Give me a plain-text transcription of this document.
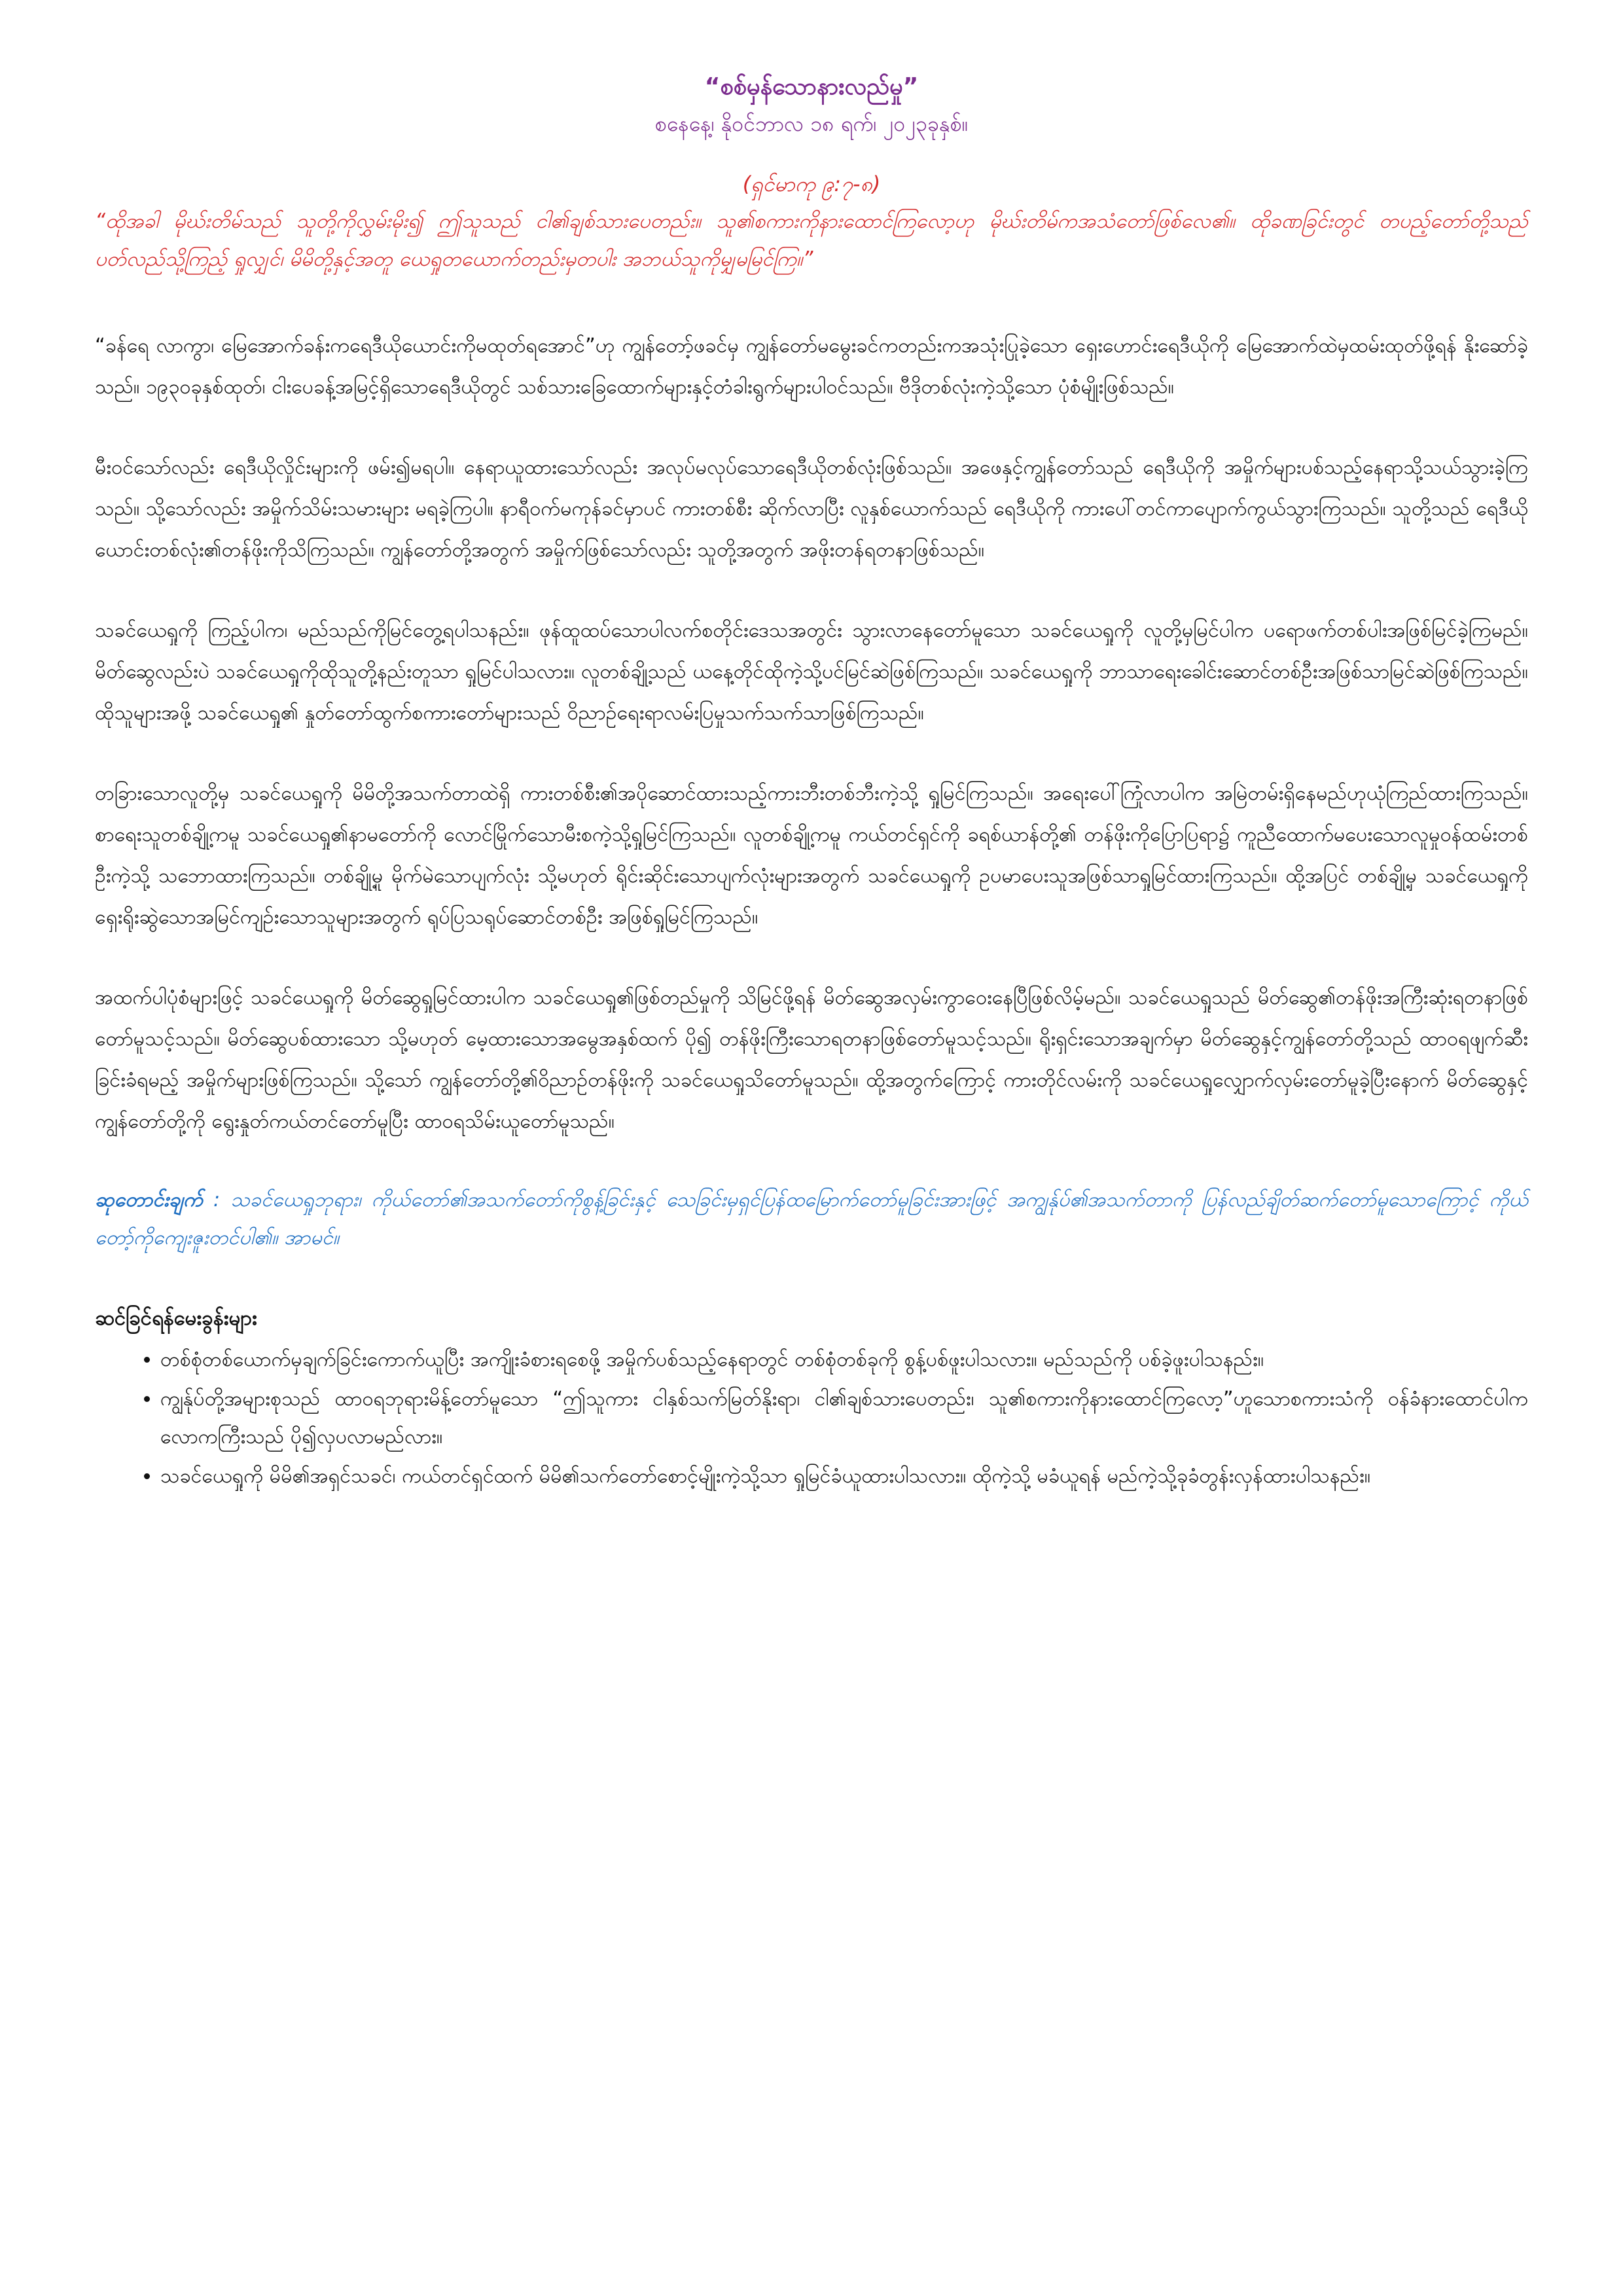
“စစ်မှန်သောနားလည်မှု”

စနေနေ့၊ နိုဝင်ဘာလ ၁၈ ရက်၊ ၂၀၂၃ခုနှစ်။

(ရှင်မာကု ၉:၇-၈)

“ထိုအခါ မိုဃ်းတိမ်သည် သူတို့ကိုလွှမ်းမိုး၍ ဤသူသည် ငါ၏ချစ်သားပေတည်း။ သူ၏စကားကိုနားထောင်ကြလော့ဟု မိုဃ်းတိမ်ကအသံတော်ဖြစ်လေ၏။ ထိုခဏခြင်းတွင် တပည့်တော်တို့သည် ပတ်လည်သို့ကြည့် ရှုလျှင်၊ မိမိတို့နှင့်အတူ ယေရှုတယောက်တည်းမှတပါး အဘယ်သူကိုမျှမမြင်ကြ။”

“ခန်ရေ လာကွာ၊ မြေအောက်ခန်းကရေဒီယိုယောင်းကိုမထုတ်ရအောင်”ဟု ကျွန်တော့်ဖခင်မှ ကျွန်တော်မမွေးခင်ကတည်းကအသုံးပြုခဲ့သော ရှေးဟောင်းရေဒီယိုကို မြေအောက်ထဲမှထမ်းထုတ်ဖို့ရန် နိုးဆော်ခဲ့သည်။ ၁၉၃၀ခုနှစ်ထုတ်၊ ငါးပေခန့်အမြင့်ရှိသောရေဒီယိုတွင် သစ်သားခြေထောက်များနှင့်တံခါးရွက်များပါဝင်သည်။ ဗီဒိုတစ်လုံးကဲ့သို့သော ပုံစံမျိုးဖြစ်သည်။

မီးဝင်သော်လည်း ရေဒီယိုလှိုင်းများကို ဖမ်း၍မရပါ။ နေရာယူထားသော်လည်း အလုပ်မလုပ်သောရေဒီယိုတစ်လုံးဖြစ်သည်။ အဖေနှင့်ကျွန်တော်သည် ရေဒီယိုကို အမှိုက်များပစ်သည့်နေရာသို့သယ်သွားခဲ့ကြသည်။ သို့သော်လည်း အမှိုက်သိမ်းသမားများ မရခဲ့ကြပါ။ နာရီဝက်မကုန်ခင်မှာပင် ကားတစ်စီး ဆိုက်လာပြီး လူနှစ်ယောက်သည် ရေဒီယိုကို ကားပေါ်တင်ကာပျောက်ကွယ်သွားကြသည်။ သူတို့သည် ရေဒီယိုယောင်းတစ်လုံး၏တန်ဖိုးကိုသိကြသည်။ ကျွန်တော်တို့အတွက် အမှိုက်ဖြစ်သော်လည်း သူတို့အတွက် အဖိုးတန်ရတနာဖြစ်သည်။

သခင်ယေရှုကို ကြည့်ပါက၊ မည်သည်ကိုမြင်တွေ့ရပါသနည်း။ ဖုန်ထူထပ်သောပါလက်စတိုင်းဒေသအတွင်း သွားလာနေတော်မူသော သခင်ယေရှုကို လူတို့မှမြင်ပါက ပရောဖက်တစ်ပါးအဖြစ်မြင်ခဲ့ကြမည်။ မိတ်ဆွေလည်းပဲ သခင်ယေရှုကိုထိုသူတို့နည်းတူသာ ရှုမြင်ပါသလား။ လူတစ်ချို့သည် ယနေ့တိုင်ထိုကဲ့သို့ပင်မြင်ဆဲဖြစ်ကြသည်။ သခင်ယေရှုကို ဘာသာရေးခေါင်းဆောင်တစ်ဦးအဖြစ်သာမြင်ဆဲဖြစ်ကြသည်။ ထိုသူများအဖို့ သခင်ယေရှု၏ နှုတ်တော်ထွက်စကားတော်များသည် ဝိညာဉ်ရေးရာလမ်းပြမှုသက်သက်သာဖြစ်ကြသည်။

တခြားသောလူတို့မှ သခင်ယေရှုကို မိမိတို့အသက်တာထဲရှိ ကားတစ်စီး၏အပိုဆောင်ထားသည့်ကားဘီးတစ်ဘီးကဲ့သို့ ရှုမြင်ကြသည်။ အရေးပေါ်ကြုံလာပါက အမြဲတမ်းရှိနေမည်ဟုယုံကြည်ထားကြသည်။ စာရေးသူတစ်ချို့ကမူ သခင်ယေရှု၏နာမတော်ကို လောင်မြိုက်သောမီးစကဲ့သို့ရှုမြင်ကြသည်။ လူတစ်ချို့ကမူ ကယ်တင်ရှင်ကို ခရစ်ယာန်တို့၏ တန်ဖိုးကိုပြောပြရာ၌ ကူညီထောက်မပေးသောလူမှုဝန်ထမ်းတစ်ဦးကဲ့သို့ သဘောထားကြသည်။ တစ်ချို့မူ မိုက်မဲသောပျက်လုံး သို့မဟုတ် ရိုင်းဆိုင်းသောပျက်လုံးများအတွက် သခင်ယေရှုကို ဥပမာပေးသူအဖြစ်သာရှုမြင်ထားကြသည်။ ထို့အပြင် တစ်ချို့မှ သခင်ယေရှုကို ရှေးရိုးဆွဲသောအမြင်ကျဉ်းသောသူများအတွက် ရုပ်ပြသရုပ်ဆောင်တစ်ဦး အဖြစ်ရှုမြင်ကြသည်။

အထက်ပါပုံစံများဖြင့် သခင်ယေရှုကို မိတ်ဆွေရှုမြင်ထားပါက သခင်ယေရှု၏ဖြစ်တည်မှုကို သိမြင်ဖို့ရန် မိတ်ဆွေအလှမ်းကွာဝေးနေပြီဖြစ်လိမ့်မည်။ သခင်ယေရှုသည် မိတ်ဆွေ၏တန်ဖိုးအကြီးဆုံးရတနာဖြစ်တော်မူသင့်သည်။ မိတ်ဆွေပစ်ထားသော သို့မဟုတ် မေ့ထားသောအမွေအနှစ်ထက် ပို၍ တန်ဖိုးကြီးသောရတနာဖြစ်တော်မူသင့်သည်။ ရိုးရှင်းသောအချက်မှာ မိတ်ဆွေနှင့်ကျွန်တော်တို့သည် ထာဝရဖျက်ဆီးခြင်းခံရမည့် အမှိုက်များဖြစ်ကြသည်။ သို့သော် ကျွန်တော်တို့၏ဝိညာဉ်တန်ဖိုးကို သခင်ယေရှုသိတော်မူသည်။ ထို့အတွက်ကြောင့် ကားတိုင်လမ်းကို သခင်ယေရှုလျှောက်လှမ်းတော်မူခဲ့ပြီးနောက် မိတ်ဆွေနှင့်ကျွန်တော်တို့ကို ရွေးနှုတ်ကယ်တင်တော်မူပြီး ထာဝရသိမ်းယူတော်မူသည်။

ဆုတောင်းချက် : သခင်ယေရှုဘုရား၊ ကိုယ်တော်၏အသက်တော်ကိုစွန့်ခြင်းနှင့် သေခြင်းမှရှင်ပြန်ထမြောက်တော်မူခြင်းအားဖြင့် အကျွန်ုပ်၏အသက်တာကို ပြန်လည်ချိတ်ဆက်တော်မူသောကြောင့် ကိုယ်တော့်ကိုကျေးဇူးတင်ပါ၏။ အာမင်။

ဆင်ခြင်ရန်မေးခွန်းများ

• တစ်စုံတစ်ယောက်မှချက်ခြင်းကောက်ယူပြီး အကျိုးခံစားရစေဖို့ အမှိုက်ပစ်သည့်နေရာတွင် တစ်စုံတစ်ခုကို စွန့်ပစ်ဖူးပါသလား။ မည်သည်ကို ပစ်ခဲ့ဖူးပါသနည်း။
• ကျွန်ုပ်တို့အများစုသည် ထာဝရဘုရားမိန့်တော်မူသော “ဤသူကား ငါနှစ်သက်မြတ်နိုးရာ၊ ငါ၏ချစ်သားပေတည်း၊ သူ၏စကားကိုနားထောင်ကြလော့”ဟူသောစကားသံကို ဝန်ခံနားထောင်ပါက လောကကြီးသည် ပို၍လှပလာမည်လား။
• သခင်ယေရှုကို မိမိ၏အရှင်သခင်၊ ကယ်တင်ရှင်ထက် မိမိ၏သက်တော်စောင့်မျိုးကဲ့သို့သာ ရှုမြင်ခံယူထားပါသလား။ ထိုကဲ့သို့ မခံယူရန် မည်ကဲ့သို့ခုခံတွန်းလှန်ထားပါသနည်း။
